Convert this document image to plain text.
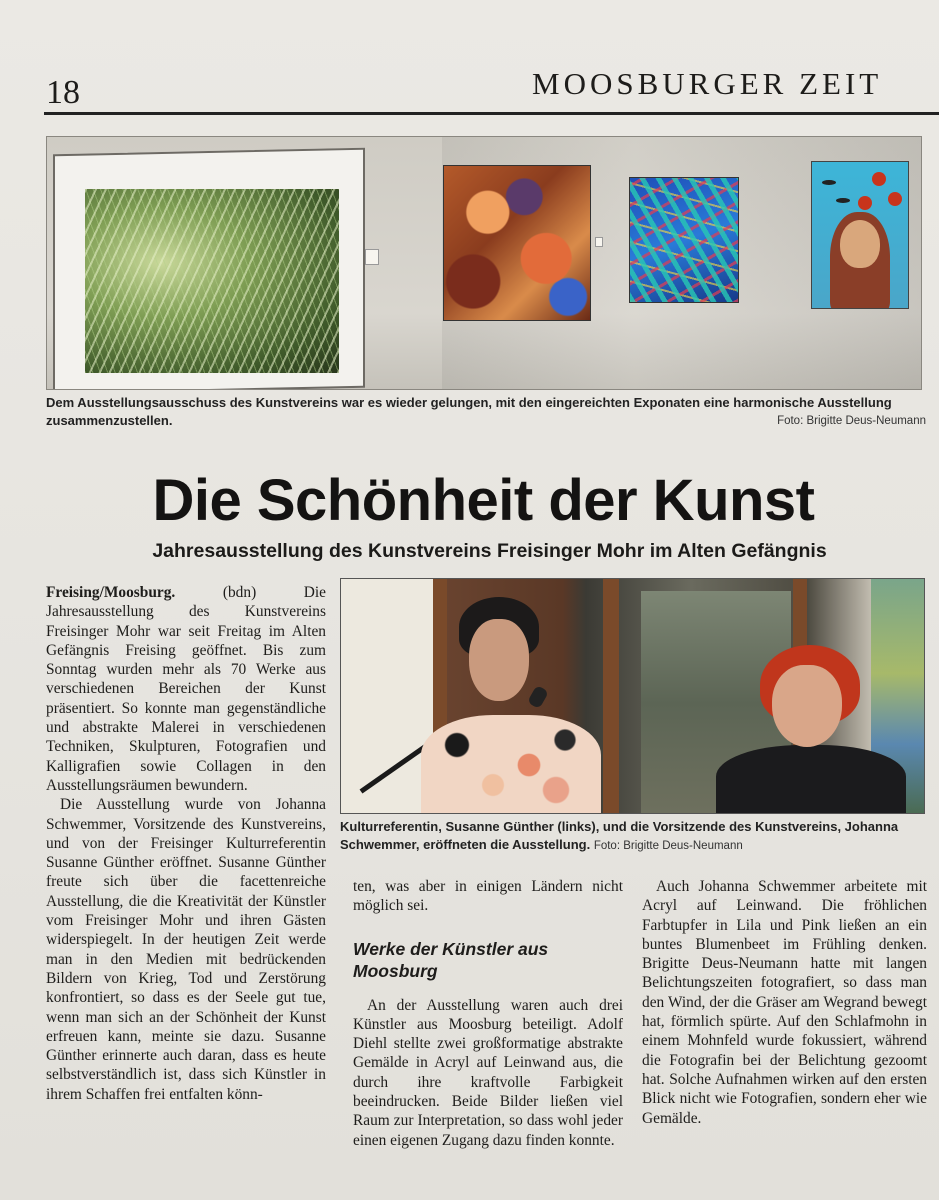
18	MOOSBURGER ZEIT
Dem Ausstellungsausschuss des Kunstvereins war es wieder gelungen, mit den eingereichten Exponaten eine harmonische Ausstellung zusammenzustellen.	Foto: Brigitte Deus-Neumann
Die Schönheit der Kunst
Jahresausstellung des Kunstvereins Freisinger Mohr im Alten Gefängnis

Freising/Moosburg.	(bdn) Die Jahresausstellung des Kunstvereins Freisinger Mohr war seit Freitag im Alten Gefängnis Freising geöffnet. Bis zum Sonntag wurden mehr als 70 Werke aus verschiedenen Bereichen der Kunst präsentiert. So konnte man gegenständliche und abstrakte Malerei in verschiedenen Techniken, Skulpturen, Fotografien und Kalligrafien sowie Collagen in den Ausstellungsräumen bewundern.

Die Ausstellung wurde von Johanna Schwemmer, Vorsitzende des Kunstvereins, und von der Freisinger Kulturreferentin Susanne Günther eröffnet. Susanne Günther freute sich über die facettenreiche Ausstellung, die die Kreativität der Künstler vom Freisinger Mohr und ihren Gästen widerspiegelt. In der heutigen Zeit werde man in den Medien mit bedrückenden Bildern von Krieg, Tod und Zerstörung konfrontiert, so dass es der Seele gut tue, wenn man sich an der Schönheit der Kunst erfreuen kann, meinte sie dazu. Susanne Günther erinnerte auch daran, dass es heute selbstverständlich ist, dass sich Künstler in ihrem Schaffen frei entfalten könn-

Kulturreferentin, Susanne Günther (links), und die Vorsitzende des Kunstvereins, Johanna Schwemmer, eröffneten die Ausstellung. Foto: Brigitte Deus-Neumann

ten, was aber in einigen Ländern nicht möglich sei.

Werke der Künstler aus Moosburg

An der Ausstellung waren auch drei Künstler aus Moosburg beteiligt. Adolf Diehl stellte zwei großformatige abstrakte Gemälde in Acryl auf Leinwand aus, die durch ihre kraftvolle Farbigkeit beeindrucken. Beide Bilder ließen viel Raum zur Interpretation, so dass wohl jeder einen eigenen Zugang dazu finden konnte.

Auch Johanna Schwemmer arbeitete mit Acryl auf Leinwand. Die fröhlichen Farbtupfer in Lila und Pink ließen an ein buntes Blumenbeet im Frühling denken. Brigitte Deus-Neumann hatte mit langen Belichtungszeiten fotografiert, so dass man den Wind, der die Gräser am Wegrand bewegt hat, förmlich spürte. Auf den Schlafmohn in einem Mohnfeld wurde fokussiert, während die Fotografin bei der Belichtung gezoomt hat. Solche Aufnahmen wirken auf den ersten Blick nicht wie Fotografien, sondern eher wie Gemälde.
